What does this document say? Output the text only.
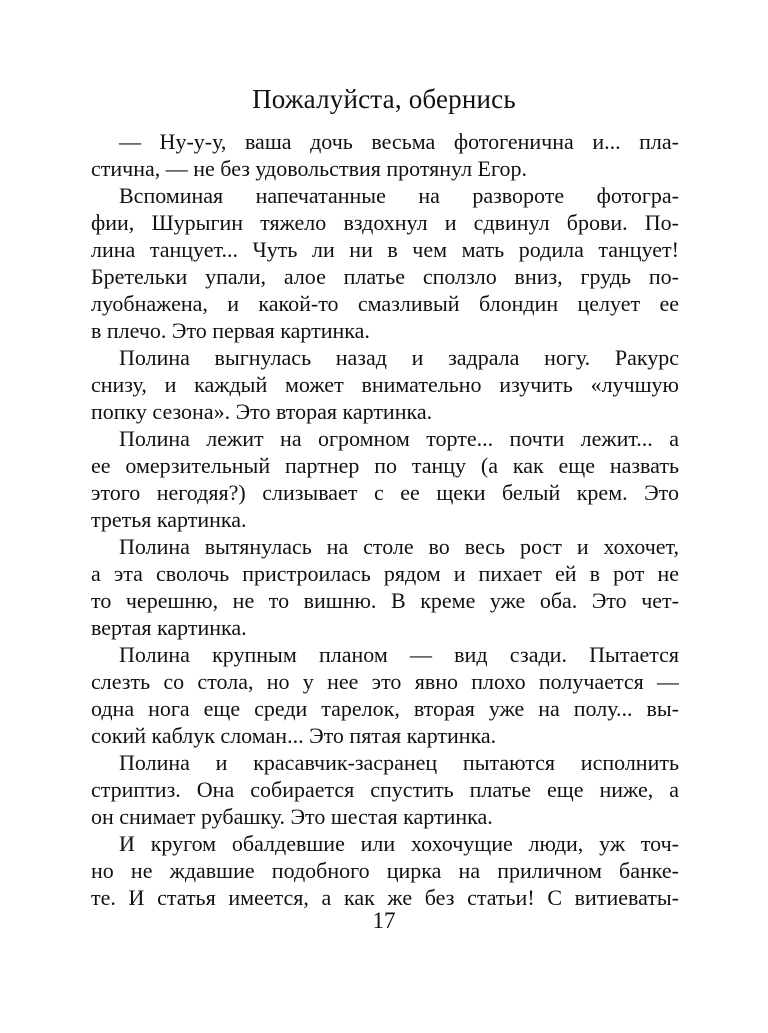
Пожалуйста, обернись
— Ну-у-у, ваша дочь весьма фотогенична и... пла-
стична, — не без удовольствия протянул Егор.
Вспоминая напечатанные на развороте фотогра-
фии, Шурыгин тяжело вздохнул и сдвинул брови. По-
лина танцует... Чуть ли ни в чем мать родила танцует!
Бретельки упали, алое платье сползло вниз, грудь по-
луобнажена, и какой-то смазливый блондин целует ее
в плечо. Это первая картинка.
Полина выгнулась назад и задрала ногу. Ракурс
снизу, и каждый может внимательно изучить «лучшую
попку сезона». Это вторая картинка.
Полина лежит на огромном торте... почти лежит... а
ее омерзительный партнер по танцу (а как еще назвать
этого негодяя?) слизывает с ее щеки белый крем. Это
третья картинка.
Полина вытянулась на столе во весь рост и хохочет,
а эта сволочь пристроилась рядом и пихает ей в рот не
то черешню, не то вишню. В креме уже оба. Это чет-
вертая картинка.
Полина крупным планом — вид сзади. Пытается
слезть со стола, но у нее это явно плохо получается —
одна нога еще среди тарелок, вторая уже на полу... вы-
сокий каблук сломан... Это пятая картинка.
Полина и красавчик-засранец пытаются исполнить
стриптиз. Она собирается спустить платье еще ниже, а
он снимает рубашку. Это шестая картинка.
И кругом обалдевшие или хохочущие люди, уж точ-
но не ждавшие подобного цирка на приличном банке-
те. И статья имеется, а как же без статьи! С витиеваты-
17
